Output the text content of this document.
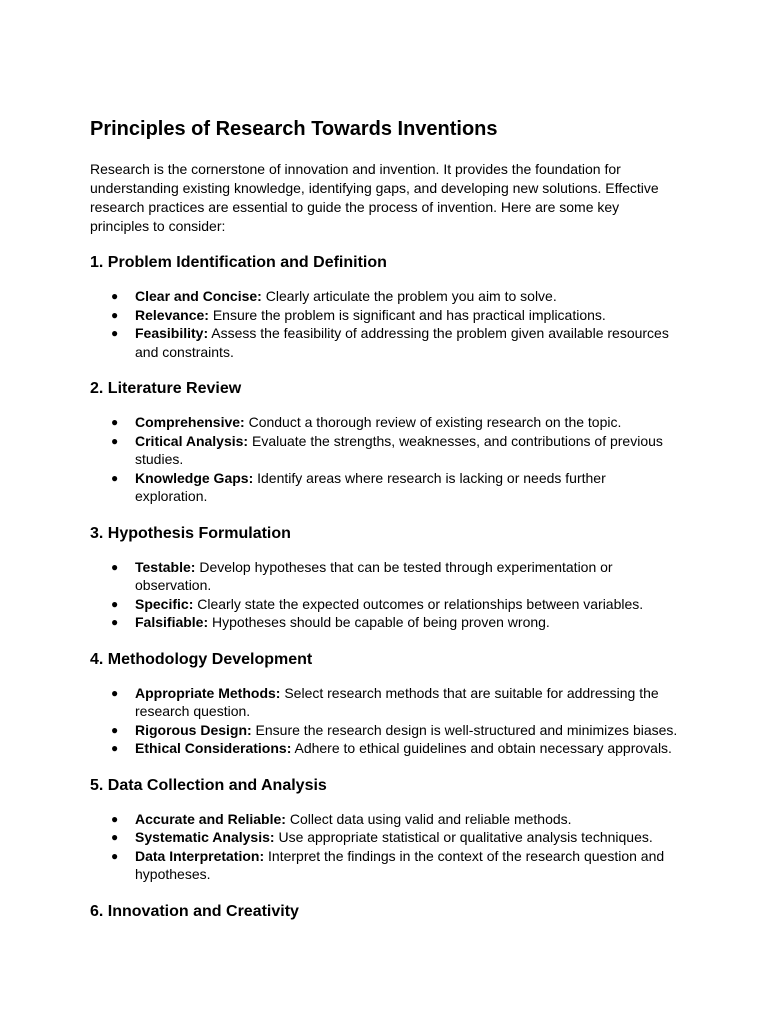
Principles of Research Towards Inventions

Research is the cornerstone of innovation and invention. It provides the foundation for understanding existing knowledge, identifying gaps, and developing new solutions. Effective research practices are essential to guide the process of invention. Here are some key principles to consider:

1. Problem Identification and Definition
● Clear and Concise: Clearly articulate the problem you aim to solve.
● Relevance: Ensure the problem is significant and has practical implications.
● Feasibility: Assess the feasibility of addressing the problem given available resources and constraints.
2. Literature Review
● Comprehensive: Conduct a thorough review of existing research on the topic.
● Critical Analysis: Evaluate the strengths, weaknesses, and contributions of previous studies.
● Knowledge Gaps: Identify areas where research is lacking or needs further exploration.
3. Hypothesis Formulation
● Testable: Develop hypotheses that can be tested through experimentation or observation.
● Specific: Clearly state the expected outcomes or relationships between variables.
● Falsifiable: Hypotheses should be capable of being proven wrong.
4. Methodology Development
● Appropriate Methods: Select research methods that are suitable for addressing the research question.
● Rigorous Design: Ensure the research design is well-structured and minimizes biases.
● Ethical Considerations: Adhere to ethical guidelines and obtain necessary approvals.
5. Data Collection and Analysis
● Accurate and Reliable: Collect data using valid and reliable methods.
● Systematic Analysis: Use appropriate statistical or qualitative analysis techniques.
● Data Interpretation: Interpret the findings in the context of the research question and hypotheses.
6. Innovation and Creativity
